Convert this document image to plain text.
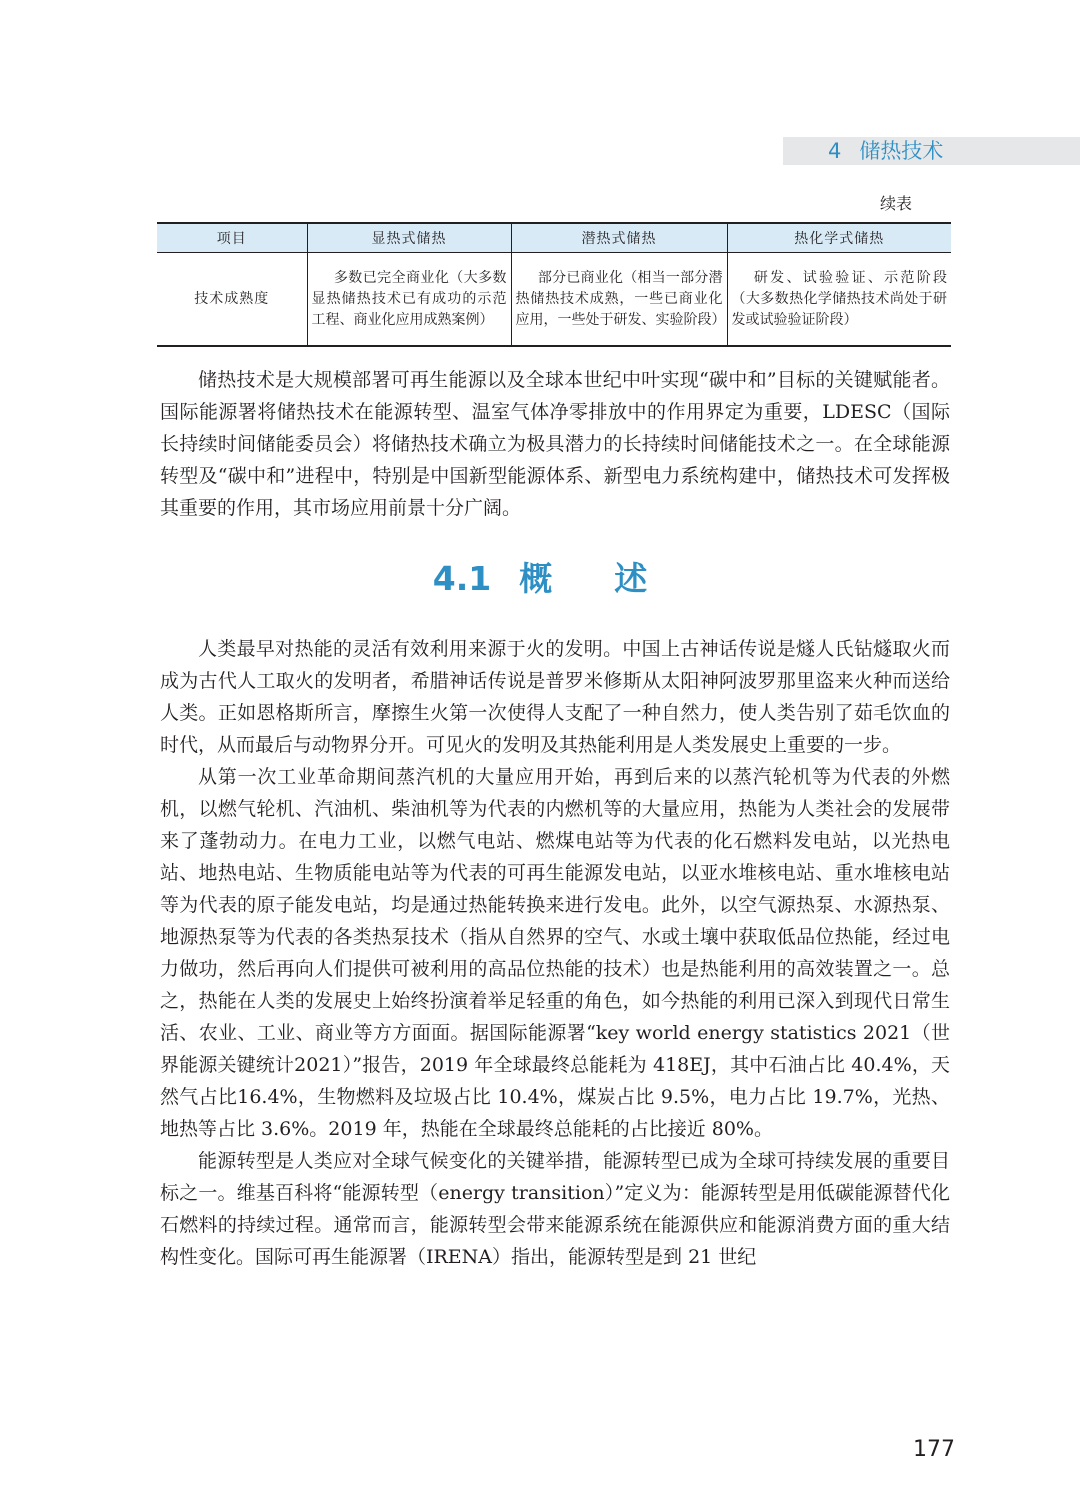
4 储热技术
续表
项目	显热式储热	潜热式储热	热化学式储热
技术成熟度	多数已完全商业化（大多数显热储热技术已有成功的示范工程、商业化应用成熟案例）	部分已商业化（相当一部分潜热储热技术成熟，一些已商业化应用，一些处于研发、实验阶段）	研发、试验验证、示范阶段（大多数热化学储热技术尚处于研发或试验验证阶段）

储热技术是大规模部署可再生能源以及全球本世纪中叶实现“碳中和”目标的关键赋能者。国际能源署将储热技术在能源转型、温室气体净零排放中的作用界定为重要，LDESC（国际长持续时间储能委员会）将储热技术确立为极具潜力的长持续时间储能技术之一。在全球能源转型及“碳中和”进程中，特别是中国新型能源体系、新型电力系统构建中，储热技术可发挥极其重要的作用，其市场应用前景十分广阔。

4.1 概述

人类最早对热能的灵活有效利用来源于火的发明。中国上古神话传说是燧人氏钻燧取火而成为古代人工取火的发明者，希腊神话传说是普罗米修斯从太阳神阿波罗那里盗来火种而送给人类。正如恩格斯所言，摩擦生火第一次使得人支配了一种自然力，使人类告别了茹毛饮血的时代，从而最后与动物界分开。可见火的发明及其热能利用是人类发展史上重要的一步。

从第一次工业革命期间蒸汽机的大量应用开始，再到后来的以蒸汽轮机等为代表的外燃机，以燃气轮机、汽油机、柴油机等为代表的内燃机等的大量应用，热能为人类社会的发展带来了蓬勃动力。在电力工业，以燃气电站、燃煤电站等为代表的化石燃料发电站，以光热电站、地热电站、生物质能电站等为代表的可再生能源发电站，以亚水堆核电站、重水堆核电站等为代表的原子能发电站，均是通过热能转换来进行发电。此外，以空气源热泵、水源热泵、地源热泵等为代表的各类热泵技术（指从自然界的空气、水或土壤中获取低品位热能，经过电力做功，然后再向人们提供可被利用的高品位热能的技术）也是热能利用的高效装置之一。总之，热能在人类的发展史上始终扮演着举足轻重的角色，如今热能的利用已深入到现代日常生活、农业、工业、商业等方方面面。据国际能源署“key world energy statistics 2021（世界能源关键统计2021）”报告，2019 年全球最终总能耗为 418EJ，其中石油占比 40.4%，天然气占比16.4%，生物燃料及垃圾占比 10.4%，煤炭占比 9.5%，电力占比 19.7%，光热、地热等占比 3.6%。2019 年，热能在全球最终总能耗的占比接近 80%。

能源转型是人类应对全球气候变化的关键举措，能源转型已成为全球可持续发展的重要目标之一。维基百科将“能源转型（energy transition）”定义为：能源转型是用低碳能源替代化石燃料的持续过程。通常而言，能源转型会带来能源系统在能源供应和能源消费方面的重大结构性变化。国际可再生能源署（IRENA）指出，能源转型是到 21 世纪

177
